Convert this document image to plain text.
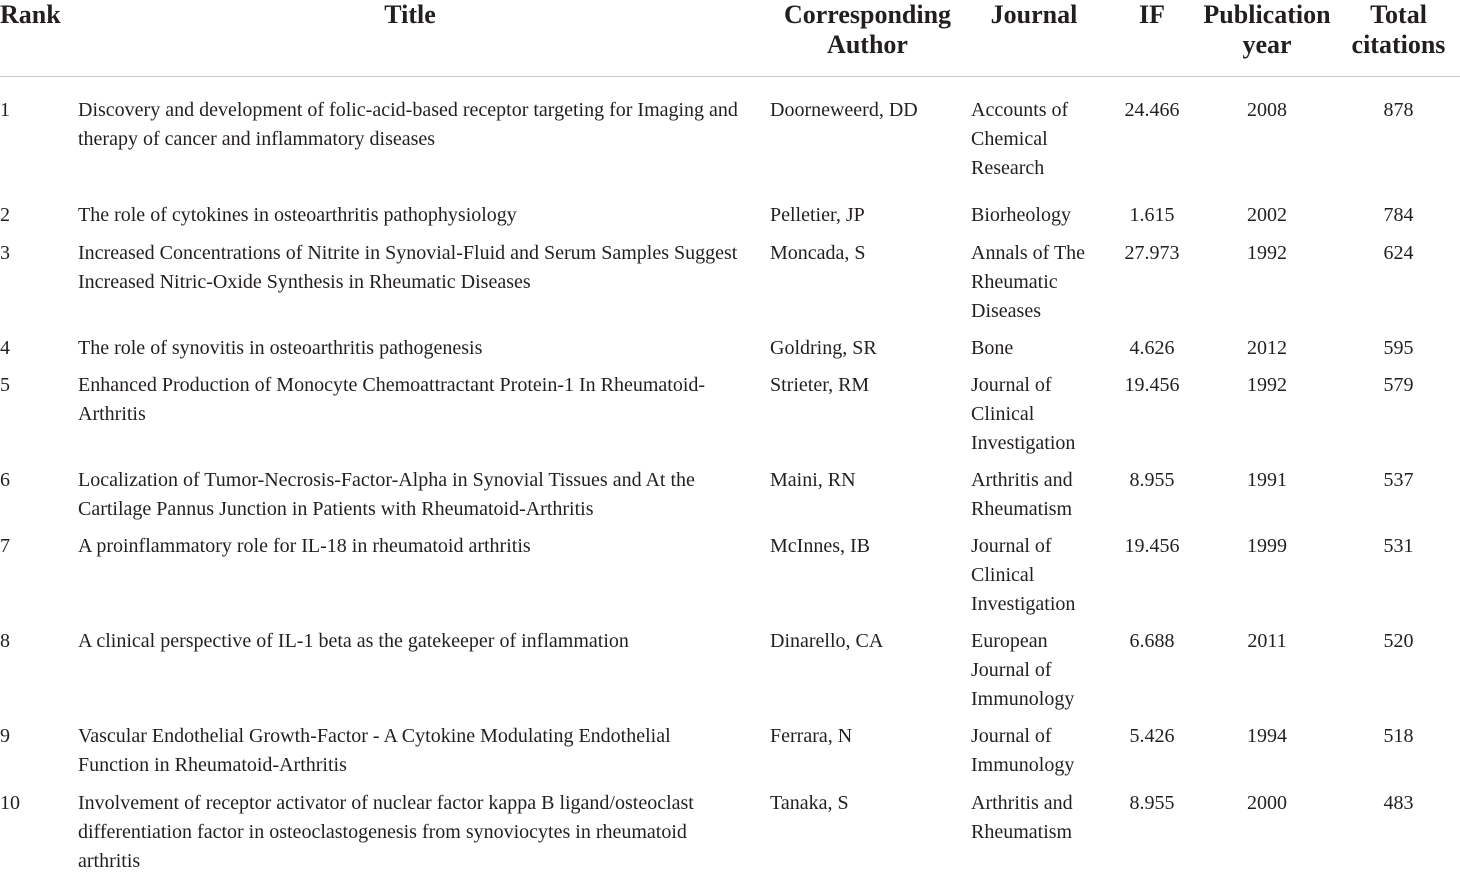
Rank	Title	Corresponding Author	Journal	IF	Publication year	Total citations
1	Discovery and development of folic-acid-based receptor targeting for Imaging and therapy of cancer and inflammatory diseases	Doorneweerd, DD	Accounts of Chemical Research	24.466	2008	878
2	The role of cytokines in osteoarthritis pathophysiology	Pelletier, JP	Biorheology	1.615	2002	784
3	Increased Concentrations of Nitrite in Synovial-Fluid and Serum Samples Suggest Increased Nitric-Oxide Synthesis in Rheumatic Diseases	Moncada, S	Annals of The Rheumatic Diseases	27.973	1992	624
4	The role of synovitis in osteoarthritis pathogenesis	Goldring, SR	Bone	4.626	2012	595
5	Enhanced Production of Monocyte Chemoattractant Protein-1 In Rheumatoid-Arthritis	Strieter, RM	Journal of Clinical Investigation	19.456	1992	579
6	Localization of Tumor-Necrosis-Factor-Alpha in Synovial Tissues and At the Cartilage Pannus Junction in Patients with Rheumatoid-Arthritis	Maini, RN	Arthritis and Rheumatism	8.955	1991	537
7	A proinflammatory role for IL-18 in rheumatoid arthritis	McInnes, IB	Journal of Clinical Investigation	19.456	1999	531
8	A clinical perspective of IL-1 beta as the gatekeeper of inflammation	Dinarello, CA	European Journal of Immunology	6.688	2011	520
9	Vascular Endothelial Growth-Factor - A Cytokine Modulating Endothelial Function in Rheumatoid-Arthritis	Ferrara, N	Journal of Immunology	5.426	1994	518
10	Involvement of receptor activator of nuclear factor kappa B ligand/osteoclast differentiation factor in osteoclastogenesis from synoviocytes in rheumatoid arthritis	Tanaka, S	Arthritis and Rheumatism	8.955	2000	483
